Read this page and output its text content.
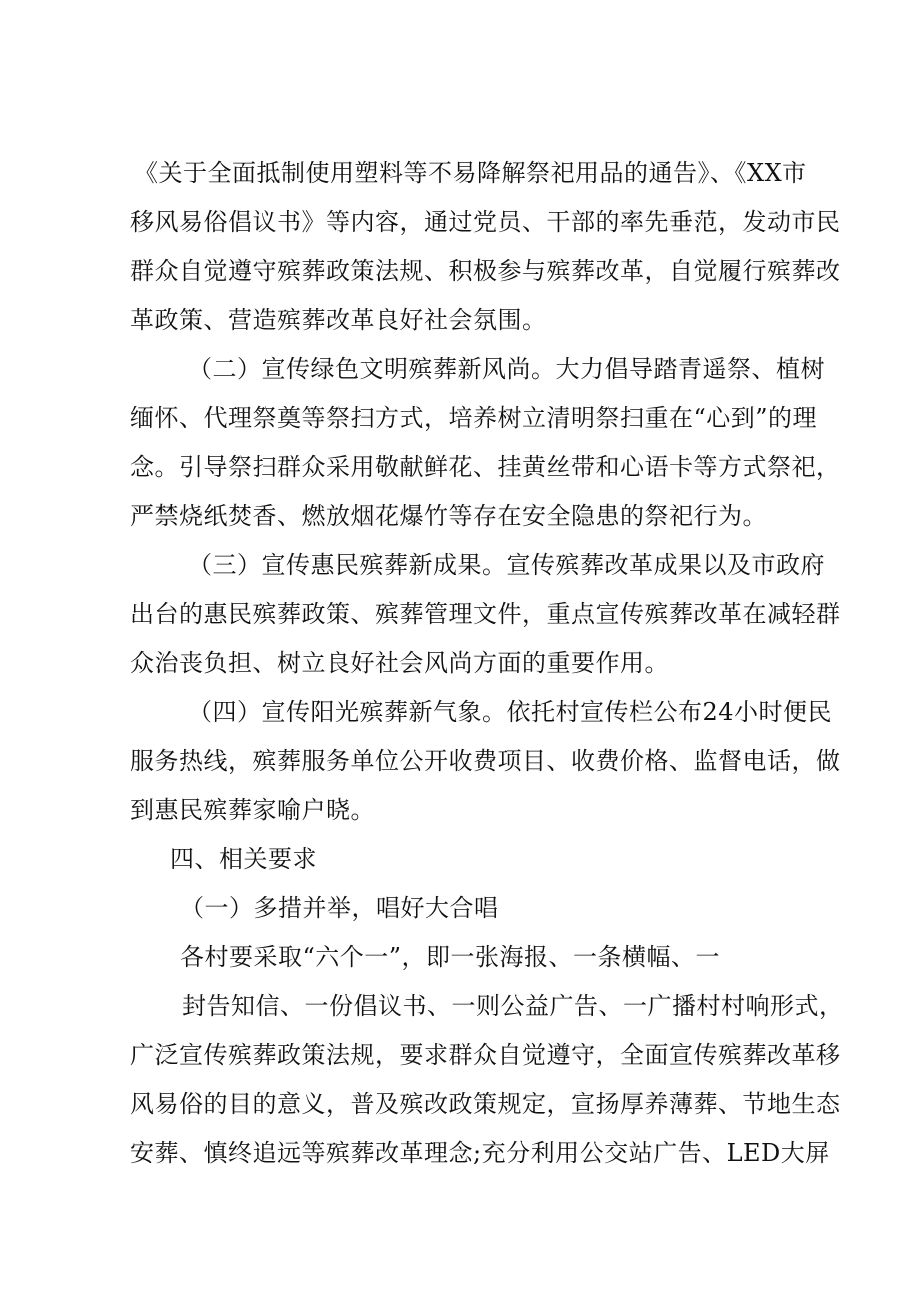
《关于全面抵制使用塑料等不易降解祭祀用品的通告》、《XX市
移风易俗倡议书》等内容，通过党员、干部的率先垂范，发动市民
群众自觉遵守殡葬政策法规、积极参与殡葬改革，自觉履行殡葬改
革政策、营造殡葬改革良好社会氛围。
（二）宣传绿色文明殡葬新风尚。大力倡导踏青遥祭、植树
缅怀、代理祭奠等祭扫方式，培养树立清明祭扫重在“心到”的理
念。引导祭扫群众采用敬献鲜花、挂黄丝带和心语卡等方式祭祀，
严禁烧纸焚香、燃放烟花爆竹等存在安全隐患的祭祀行为。
（三）宣传惠民殡葬新成果。宣传殡葬改革成果以及市政府
出台的惠民殡葬政策、殡葬管理文件，重点宣传殡葬改革在减轻群
众治丧负担、树立良好社会风尚方面的重要作用。
（四）宣传阳光殡葬新气象。依托村宣传栏公布24小时便民
服务热线，殡葬服务单位公开收费项目、收费价格、监督电话，做
到惠民殡葬家喻户晓。
四、相关要求
（一）多措并举，唱好大合唱
各村要采取“六个一”，即一张海报、一条横幅、一
封告知信、一份倡议书、一则公益广告、一广播村村响形式，
广泛宣传殡葬政策法规，要求群众自觉遵守，全面宣传殡葬改革移
风易俗的目的意义，普及殡改政策规定，宣扬厚养薄葬、节地生态
安葬、慎终追远等殡葬改革理念;充分利用公交站广告、LED大屏
